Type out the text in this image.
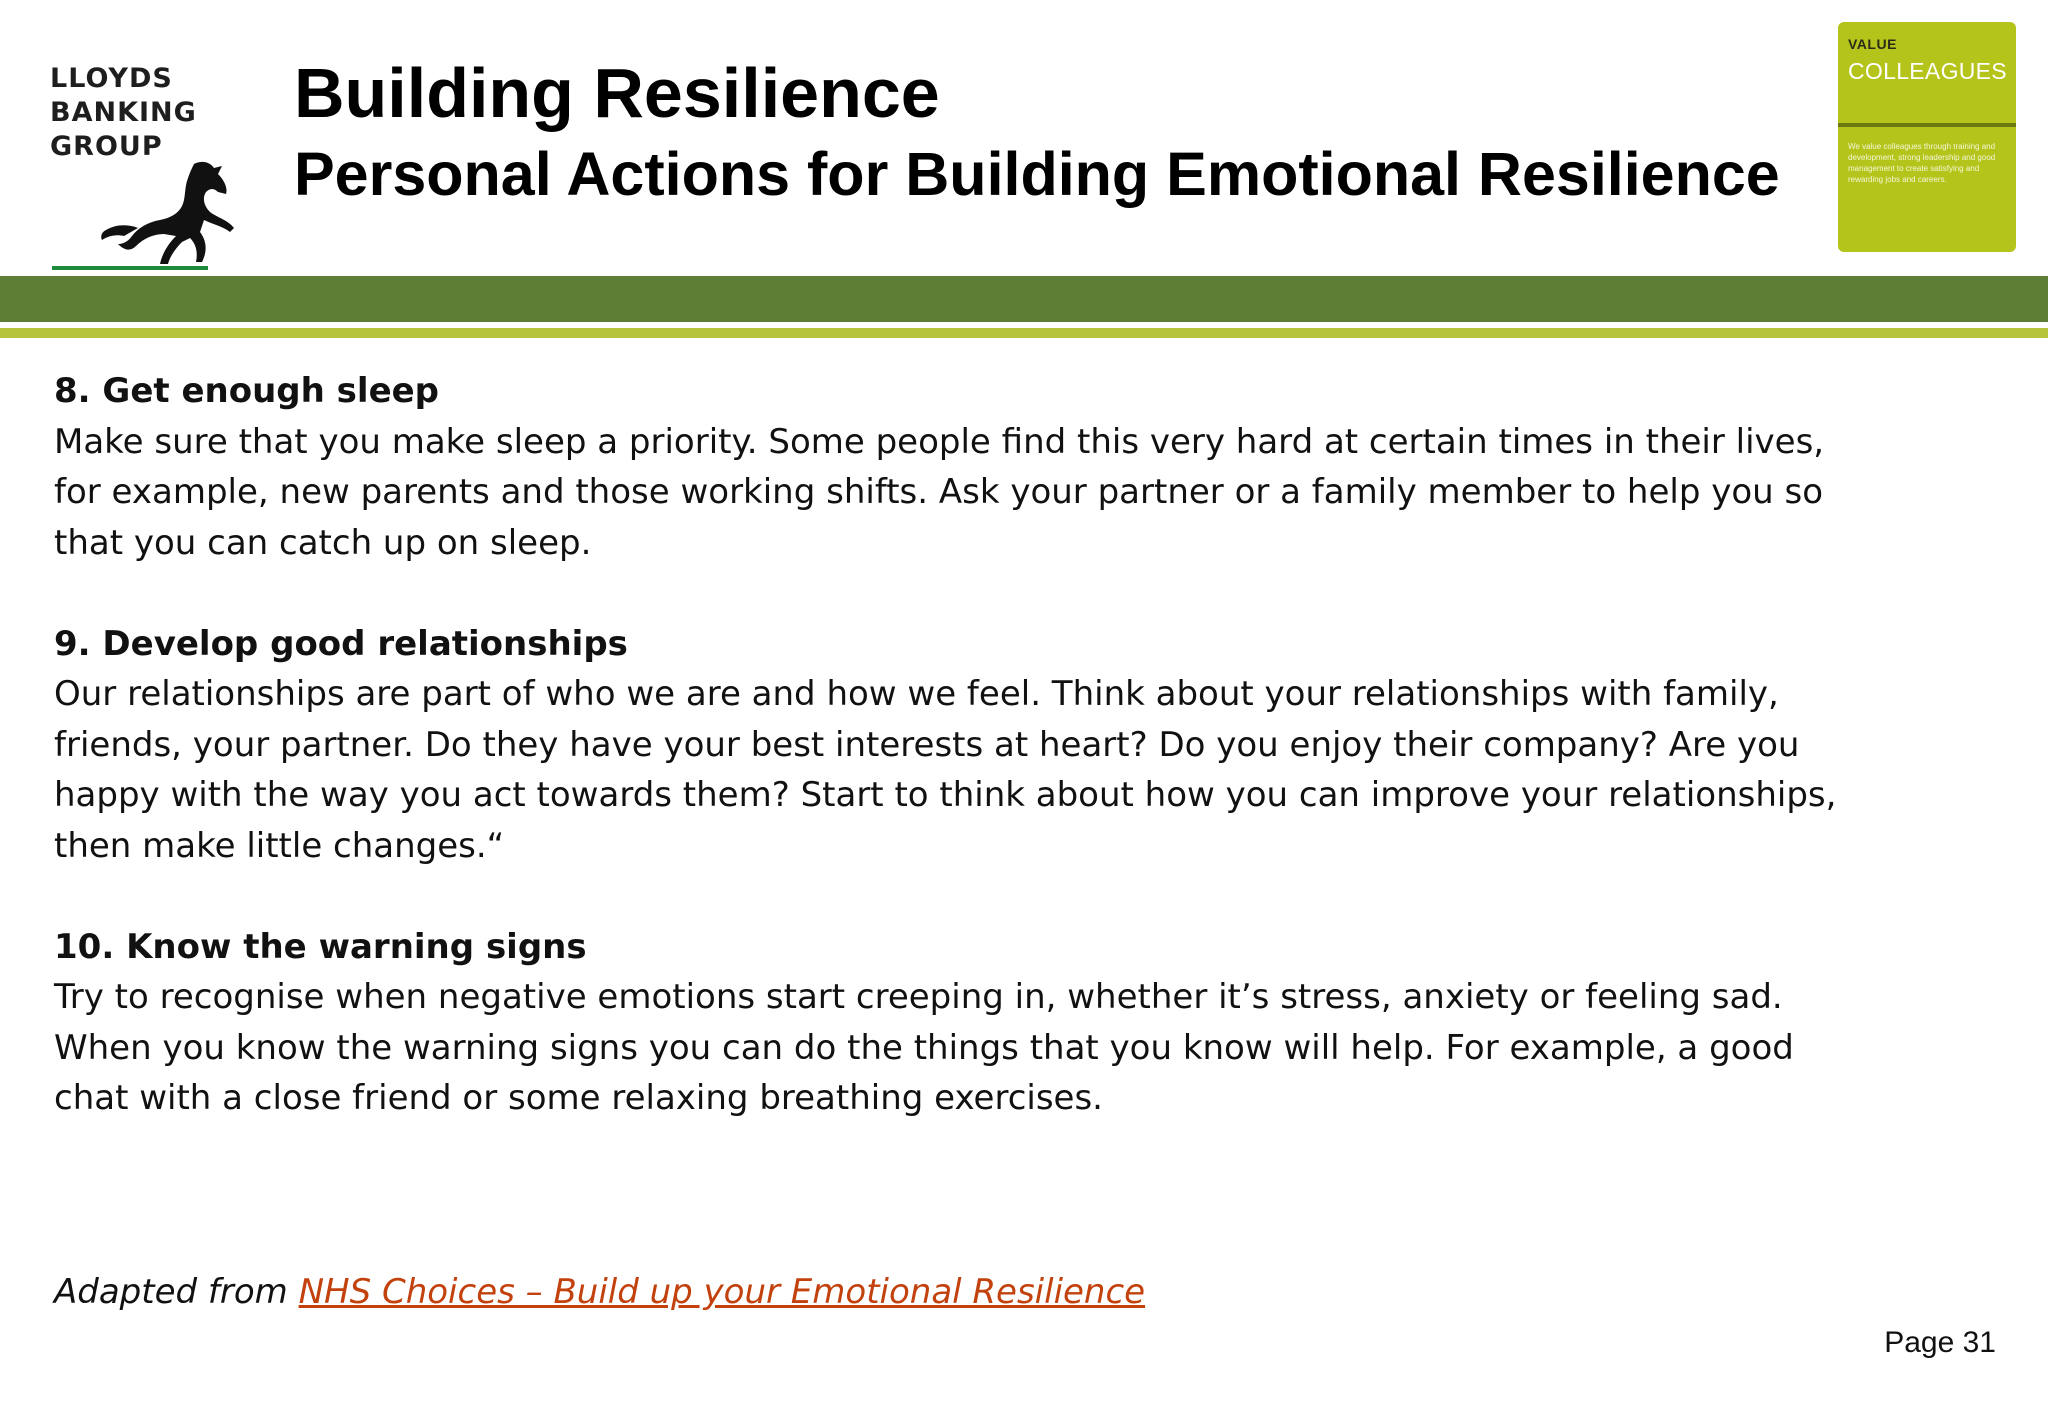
LLOYDS

BANKING

GROUP

Building Resilience
Personal Actions for Building Emotional Resilience
VALUE
COLLEAGUES
We value colleagues through training and development, strong leadership and good management to create satisfying and rewarding jobs and careers.

8. Get enough sleep

Make sure that you make sleep a priority. Some people find this very hard at certain times in their lives,
for example, new parents and those working shifts. Ask your partner or a family member to help you so
that you can catch up on sleep.

9. Develop good relationships

Our relationships are part of who we are and how we feel. Think about your relationships with family,
friends, your partner. Do they have your best interests at heart? Do you enjoy their company? Are you
happy with the way you act towards them? Start to think about how you can improve your relationships,
then make little changes.“

10. Know the warning signs

Try to recognise when negative emotions start creeping in, whether it’s stress, anxiety or feeling sad.
When you know the warning signs you can do the things that you know will help. For example, a good
chat with a close friend or some relaxing breathing exercises.

Adapted from NHS Choices – Build up your Emotional Resilience

Page 31
